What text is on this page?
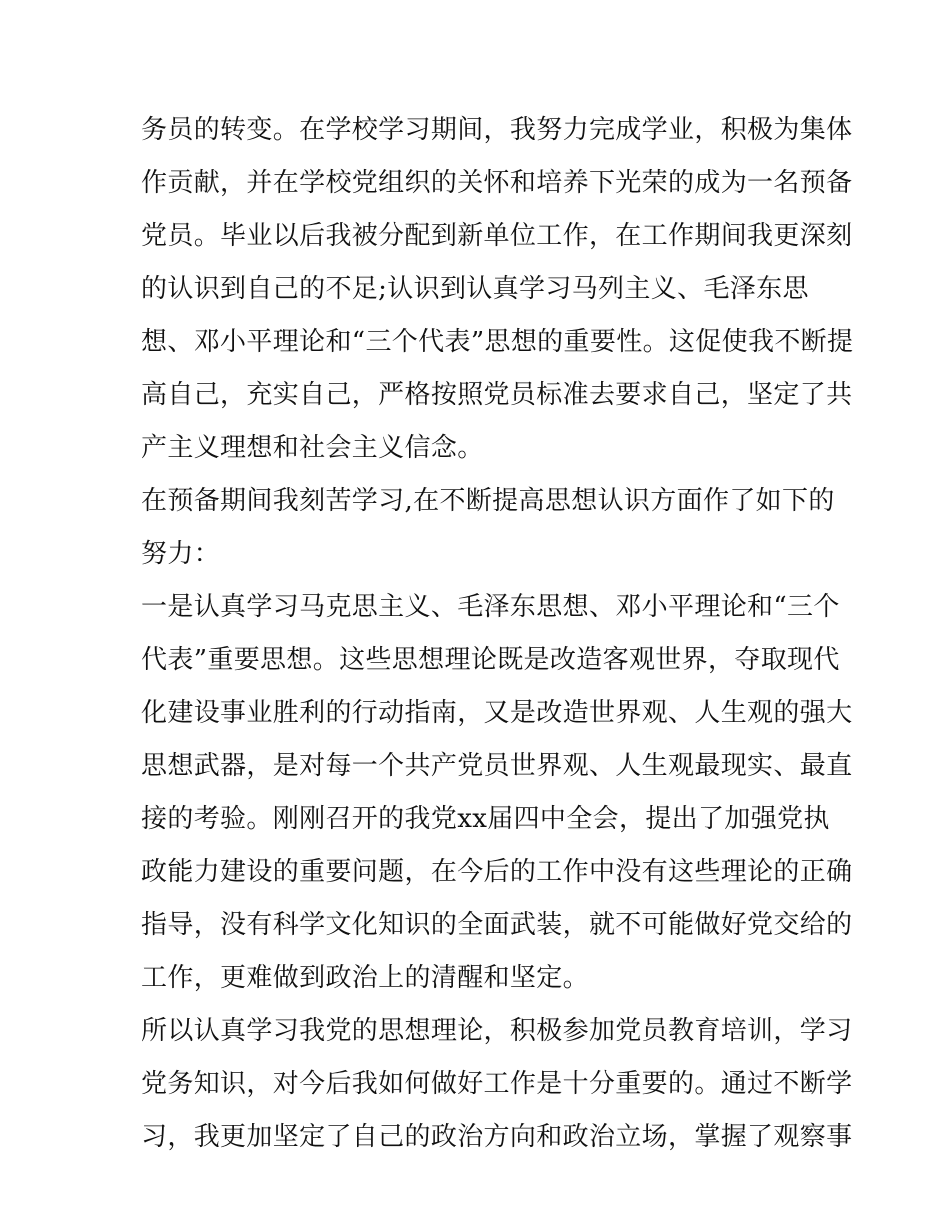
务员的转变。在学校学习期间，我努力完成学业，积极为集体
作贡献，并在学校党组织的关怀和培养下光荣的成为一名预备
党员。毕业以后我被分配到新单位工作，在工作期间我更深刻
的认识到自己的不足;认识到认真学习马列主义、毛泽东思
想、邓小平理论和“三个代表”思想的重要性。这促使我不断提
高自己，充实自己，严格按照党员标准去要求自己，坚定了共
产主义理想和社会主义信念。
在预备期间我刻苦学习,在不断提高思想认识方面作了如下的
努力：
一是认真学习马克思主义、毛泽东思想、邓小平理论和“三个
代表”重要思想。这些思想理论既是改造客观世界，夺取现代
化建设事业胜利的行动指南，又是改造世界观、人生观的强大
思想武器，是对每一个共产党员世界观、人生观最现实、最直
接的考验。刚刚召开的我党xx届四中全会，提出了加强党执
政能力建设的重要问题，在今后的工作中没有这些理论的正确
指导，没有科学文化知识的全面武装，就不可能做好党交给的
工作，更难做到政治上的清醒和坚定。
所以认真学习我党的思想理论，积极参加党员教育培训，学习
党务知识，对今后我如何做好工作是十分重要的。通过不断学
习，我更加坚定了自己的政治方向和政治立场，掌握了观察事
